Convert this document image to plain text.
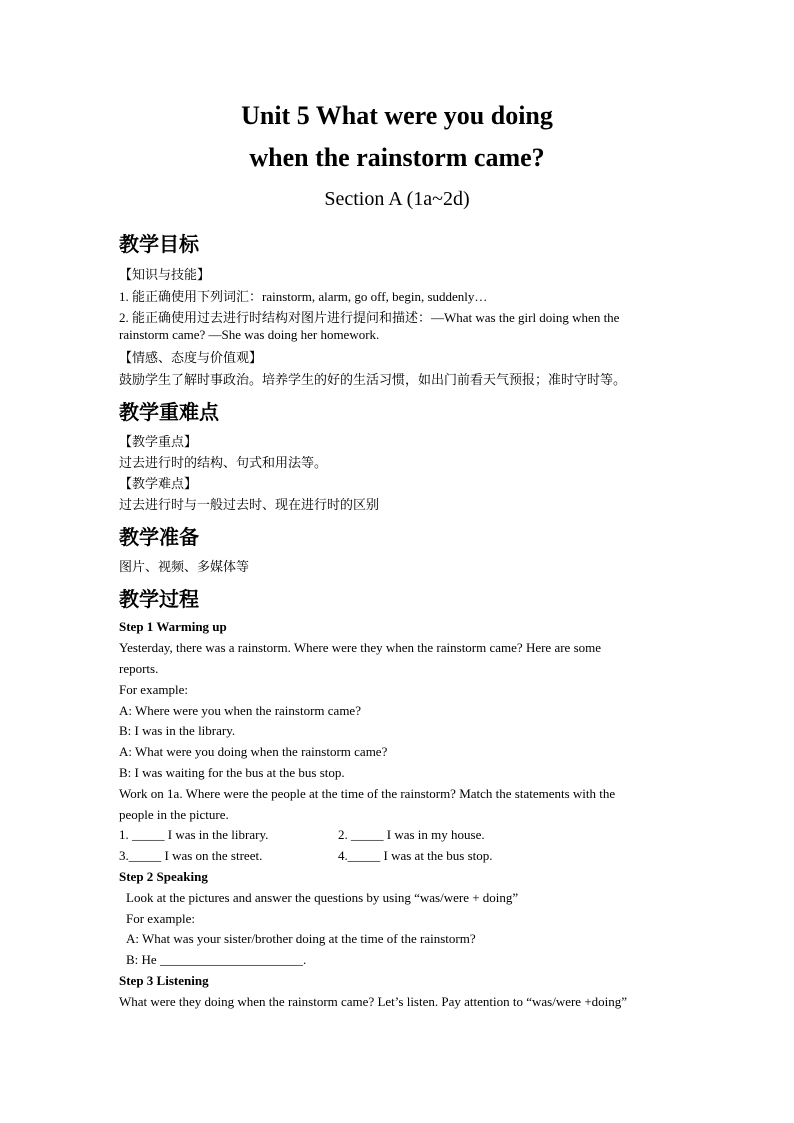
Unit 5 What were you doing
when the rainstorm came?
Section A (1a~2d)
教学目标
【知识与技能】
1. 能正确使用下列词汇：rainstorm, alarm, go off, begin, suddenly…
2. 能正确使用过去进行时结构对图片进行提问和描述：—What was the girl doing when the
rainstorm came? —She was doing her homework.
【情感、态度与价值观】
鼓励学生了解时事政治。培养学生的好的生活习惯，如出门前看天气预报；准时守时等。
教学重难点
【教学重点】
过去进行时的结构、句式和用法等。
【教学难点】
过去进行时与一般过去时、现在进行时的区别
教学准备
图片、视频、多媒体等
教学过程
Step 1 Warming up
Yesterday, there was a rainstorm. Where were they when the rainstorm came? Here are some
reports.
For example:
A: Where were you when the rainstorm came?
B: I was in the library.
A: What were you doing when the rainstorm came?
B: I was waiting for the bus at the bus stop.
Work on 1a. Where were the people at the time of the rainstorm? Match the statements with the
people in the picture.
1. _____ I was in the library.	2. _____ I was in my house.
3._____ I was on the street.	4._____ I was at the bus stop.
Step 2 Speaking
Look at the pictures and answer the questions by using “was/were + doing”
For example:
A: What was your sister/brother doing at the time of the rainstorm?
B: He ______________________.
Step 3 Listening
What were they doing when the rainstorm came? Let’s listen. Pay attention to “was/were +doing”
